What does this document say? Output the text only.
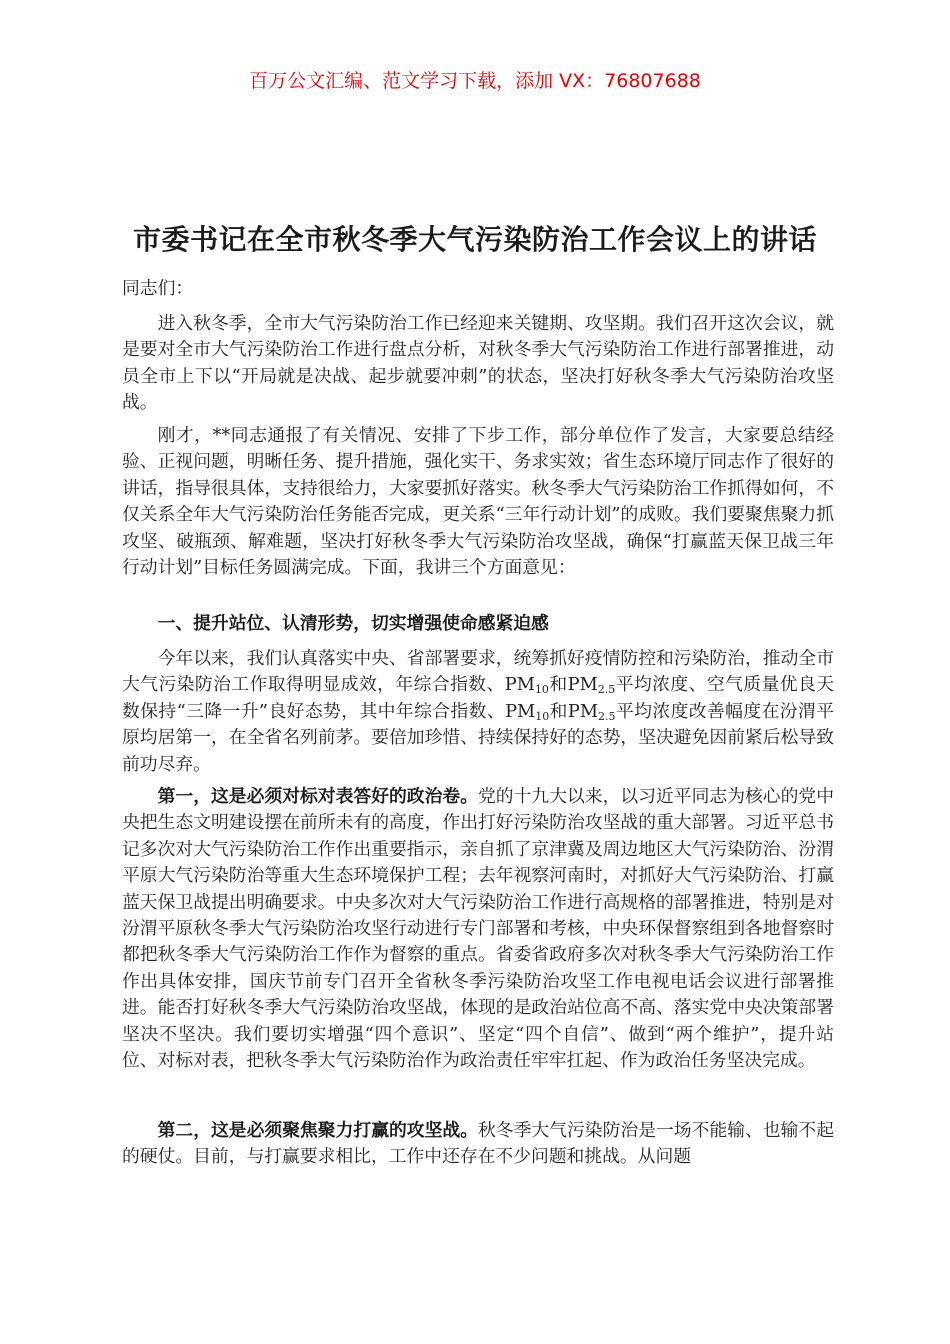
百万公文汇编、范文学习下载，添加 VX：76807688
市委书记在全市秋冬季大气污染防治工作会议上的讲话
同志们：

进入秋冬季，全市大气污染防治工作已经迎来关键期、攻坚期。我们召开这次会议，就是要对全市大气污染防治工作进行盘点分析，对秋冬季大气污染防治工作进行部署推进，动员全市上下以“开局就是决战、起步就要冲刺”的状态，坚决打好秋冬季大气污染防治攻坚战。

刚才，**同志通报了有关情况、安排了下步工作，部分单位作了发言，大家要总结经验、正视问题，明晰任务、提升措施，强化实干、务求实效；省生态环境厅同志作了很好的讲话，指导很具体，支持很给力，大家要抓好落实。秋冬季大气污染防治工作抓得如何，不仅关系全年大气污染防治任务能否完成，更关系“三年行动计划”的成败。我们要聚焦聚力抓攻坚、破瓶颈、解难题，坚决打好秋冬季大气污染防治攻坚战，确保“打赢蓝天保卫战三年行动计划”目标任务圆满完成。下面，我讲三个方面意见：

一、提升站位、认清形势，切实增强使命感紧迫感

今年以来，我们认真落实中央、省部署要求，统筹抓好疫情防控和污染防治，推动全市大气污染防治工作取得明显成效，年综合指数、$PM_{10}$和$PM_{2.5}$平均浓度、空气质量优良天数保持“三降一升”良好态势，其中年综合指数、$PM_{10}$和$PM_{2.5}$平均浓度改善幅度在汾渭平原均居第一，在全省名列前茅。要倍加珍惜、持续保持好的态势，坚决避免因前紧后松导致前功尽弃。

第一，这是必须对标对表答好的政治卷。党的十九大以来，以习近平同志为核心的党中央把生态文明建设摆在前所未有的高度，作出打好污染防治攻坚战的重大部署。习近平总书记多次对大气污染防治工作作出重要指示，亲自抓了京津冀及周边地区大气污染防治、汾渭平原大气污染防治等重大生态环境保护工程；去年视察河南时，对抓好大气污染防治、打赢蓝天保卫战提出明确要求。中央多次对大气污染防治工作进行高规格的部署推进，特别是对汾渭平原秋冬季大气污染防治攻坚行动进行专门部署和考核，中央环保督察组到各地督察时都把秋冬季大气污染防治工作作为督察的重点。省委省政府多次对秋冬季大气污染防治工作作出具体安排，国庆节前专门召开全省秋冬季污染防治攻坚工作电视电话会议进行部署推进。能否打好秋冬季大气污染防治攻坚战，体现的是政治站位高不高、落实党中央决策部署坚决不坚决。我们要切实增强“四个意识”、坚定“四个自信”、做到“两个维护”，提升站位、对标对表，把秋冬季大气污染防治作为政治责任牢牢扛起、作为政治任务坚决完成。

第二，这是必须聚焦聚力打赢的攻坚战。秋冬季大气污染防治是一场不能输、也输不起的硬仗。目前，与打赢要求相比，工作中还存在不少问题和挑战。从问题
